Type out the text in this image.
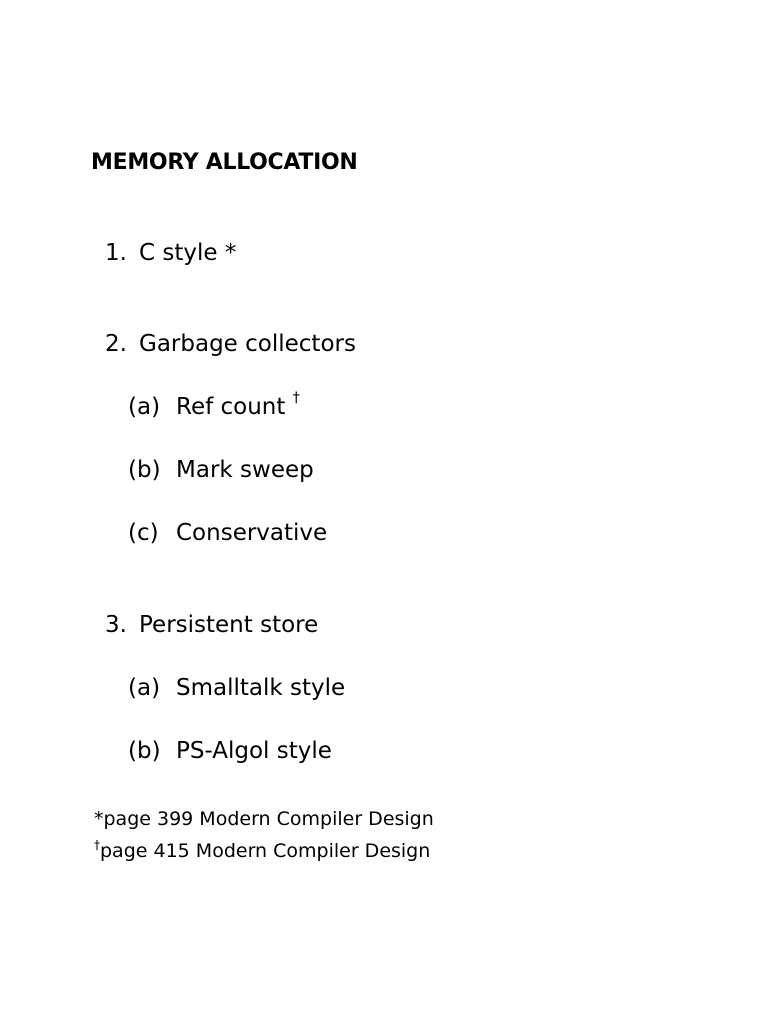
MEMORY ALLOCATION
1. C style *
2. Garbage collectors
(a) Ref count †
(b) Mark sweep
(c) Conservative
3. Persistent store
(a) Smalltalk style
(b) PS-Algol style
*page 399 Modern Compiler Design
†page 415 Modern Compiler Design
